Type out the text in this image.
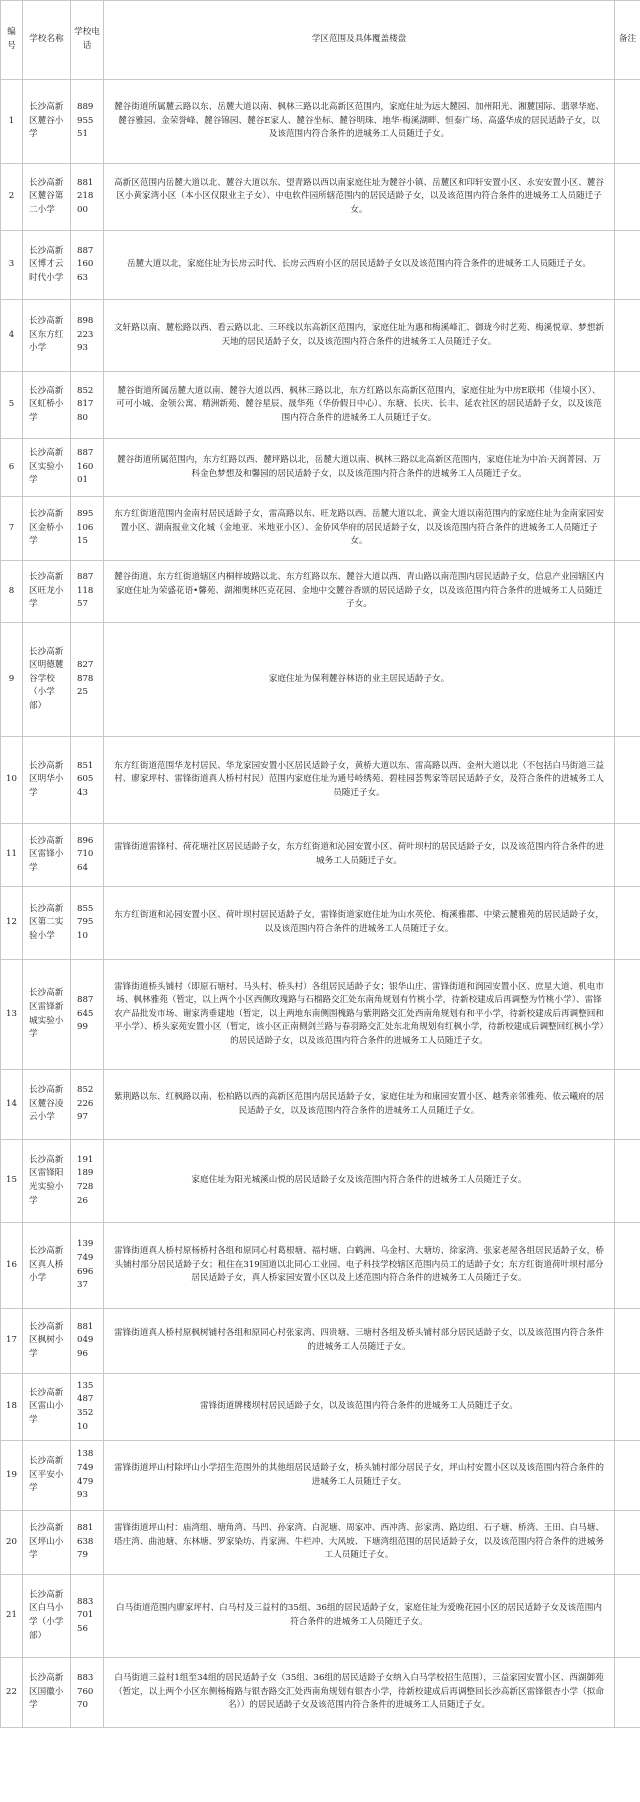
编号	学校名称	学校电话	学区范围及具体覆盖楼盘	备注
1	长沙高新区麓谷小学	889 955 51	麓谷街道所属麓云路以东、岳麓大道以南、枫林三路以北高新区范围内，家庭住址为远大麓园、加州阳光、湘麓国际、翡翠华庭、麓谷雅园、金荣誉峰、麓谷锦园、麓谷E家人、麓谷坐标、麓谷明珠、地华·梅溪湖畔、恒泰广场、高盛华成的居民适龄子女，以及该范围内符合条件的进城务工人员随迁子女。	
2	长沙高新区麓谷第二小学	881 218 00	高新区范围内岳麓大道以北、麓谷大道以东、望青路以西以南家庭住址为麓谷小镇、岳麓区和印轩安置小区、永安安置小区、麓谷区小黄家湾小区（本小区仅限业主子女）、中电软件园所辖范围内的居民适龄子女，以及该范围内符合条件的进城务工人员随迁子女。	
3	长沙高新区博才云时代小学	887 160 63	岳麓大道以北，家庭住址为长房云时代、长房云西府小区的居民适龄子女以及该范围内符合条件的进城务工人员随迁子女。	
4	长沙高新区东方红小学	898 223 93	文轩路以南、麓松路以西、看云路以北、三环线以东高新区范围内，家庭住址为惠和梅溪峰汇、御珑今时艺苑、梅溪悦章、梦想新天地的居民适龄子女，以及该范围内符合条件的进城务工人员随迁子女。	
5	长沙高新区虹桥小学	852 817 80	麓谷街道所属岳麓大道以南、麓谷大道以西、枫林三路以北，东方红路以东高新区范围内，家庭住址为中房E联邦（佳境小区）、可可小城、金领公寓、精洲新苑、麓谷星辰、晟华苑（华侨假日中心）、东塘、长庆、长丰、延农社区的居民适龄子女，以及该范围内符合条件的进城务工人员随迁子女。	
6	长沙高新区实验小学	887 160 01	麓谷街道所属范围内，东方红路以西、麓坪路以北，岳麓大道以南、枫林三路以北高新区范围内，家庭住址为中冶·天润菁园、万科金色梦想及和馨园的居民适龄子女，以及该范围内符合条件的进城务工人员随迁子女。	
7	长沙高新区金桥小学	895 106 15	东方红街道范围内金南村居民适龄子女，雷高路以东、旺龙路以西、岳麓大道以北、黄金大道以南范围内的家庭住址为金南家园安置小区、湖南报业文化城（金地亚、米地亚小区）、金侨风华府的居民适龄子女，以及该范围内符合条件的进城务工人员随迁子女。	
8	长沙高新区旺龙小学	887 118 57	麓谷街道、东方红街道辖区内桐梓坡路以北、东方红路以东、麓谷大道以西、青山路以南范围内居民适龄子女，信息产业园辖区内家庭住址为荣盛花语•馨苑、湖湘奥林匹克花园、金地中交麓谷香颂的居民适龄子女，以及该范围内符合条件的进城务工人员随迁子女。	
9	长沙高新区明德麓谷学校（小学部）	827 878 25	家庭住址为保利麓谷林语的业主居民适龄子女。	
10	长沙高新区明华小学	851 605 43	东方红街道范围华龙村居民、华龙家园安置小区居民适龄子女，黄桥大道以东、雷高路以西、金州大道以北（不包括白马街道三益村、廖家坪村、雷锋街道真人桥村村民）范围内家庭住址为通号岭绣苑、碧桂园荟隽家等居民适龄子女，及符合条件的进城务工人员随迁子女。	
11	长沙高新区雷锋小学	896 710 64	雷锋街道雷锋村、荷花塘社区居民适龄子女，东方红街道和沁园安置小区、荷叶坝村的居民适龄子女，以及该范围内符合条件的进城务工人员随迁子女。	
12	长沙高新区第二实验小学	855 795 10	东方红街道和沁园安置小区、荷叶坝村居民适龄子女，雷锋街道家庭住址为山水英伦、梅溪雅郡、中梁云麓雅苑的居民适龄子女，以及该范围内符合条件的进城务工人员随迁子女。	
13	长沙高新区雷锋新城实验小学	887 645 99	雷锋街道桥头铺村（即原石塘村、马头村、桥头村）各组居民适龄子女；银华山庄、雷锋街道和润园安置小区、庶星大道、机电市场、枫林雅苑（暂定，以上两个小区西侧玫瑰路与石榴路交汇处东南角规划有竹桃小学，待新校建成后再调整为竹桃小学）、雷锋农产品批发市场、谢家湾垂建地（暂定，以上两地东南侧围槐路与紫荆路交汇处西南角规划有和平小学，待新校建成后再调整回和平小学）、桥头家苑安置小区（暂定，该小区正南侧剑兰路与春羽路交汇处东北角规划有红枫小学，待新校建成后调整回红枫小学）的居民适龄子女，以及该范围内符合条件的进城务工人员随迁子女。	
14	长沙高新区麓谷凌云小学	852 226 97	紫荆路以东、红枫路以南、松柏路以西的高新区范围内居民适龄子女，家庭住址为和康园安置小区、越秀亲邻雅苑、依云曦府的居民适龄子女，以及该范围内符合条件的进城务工人员随迁子女。	
15	长沙高新区雷锋阳光实验小学	191 189 728 26	家庭住址为阳光城溪山悦的居民适龄子女及该范围内符合条件的进城务工人员随迁子女。	
16	长沙高新区真人桥小学	139 749 696 37	雷锋街道真人桥村原杨桥村各组和原同心村葛根塘、福村塘、白鹤洲、乌金村、大塘坊、徐家湾、张家老屋各组居民适龄子女，桥头铺村部分居民适龄子女；租住在319国道以北同心工业园、电子科技学校辖区范围内员工的适龄子女；东方红街道荷叶坝村部分居民适龄子女，真人桥家园安置小区以及上述范围内符合条件的进城务工人员随迁子女。	
17	长沙高新区枫树小学	881 049 96	雷锋街道真人桥村原枫树铺村各组和原同心村张家湾、四贵塘、三塘村各组及桥头铺村部分居民适龄子女，以及该范围内符合条件的进城务工人员随迁子女。	
18	长沙高新区雷山小学	135 487 352 10	雷锋街道牌楼坝村居民适龄子女，以及该范围内符合条件的进城务工人员随迁子女。	
19	长沙高新区平安小学	138 749 479 93	雷锋街道坪山村除坪山小学招生范围外的其他组居民适龄子女，桥头铺村部分居民子女，坪山村安置小区以及该范围内符合条件的进城务工人员随迁子女。	
20	长沙高新区坪山小学	881 638 79	雷锋街道坪山村：庙湾组、塘角湾、马凹、孙家湾、白泥塘、周家冲、西冲湾、彭家湾、路边组、石子塘、桥湾、王田、白马塘、塔庄湾、曲池塘、东林塘、罗家染坊、肖家洲、牛栏冲、大风坡、下塘湾组范围的居民适龄子女，以及该范围内符合条件的进城务工人员随迁子女。	
21	长沙高新区白马小学（小学部）	883 701 56	白马街道范围内廖家坪村、白马村及三益村的35组、36组的居民适龄子女，家庭住址为爱晚花园小区的居民适龄子女及该范围内符合条件的进城务工人员随迁子女。	
22	长沙高新区国徽小学	883 760 70	白马街道三益村1组至34组的居民适龄子女（35组、36组的居民适龄子女纳入白马学校招生范围），三益家园安置小区、西湖御苑（暂定，以上两个小区东侧杨梅路与银杏路交汇处西南角规划有银杏小学，待新校建成后再调整回长沙高新区雷锋银杏小学（拟命名））的居民适龄子女及该范围内符合条件的进城务工人员随迁子女。	
